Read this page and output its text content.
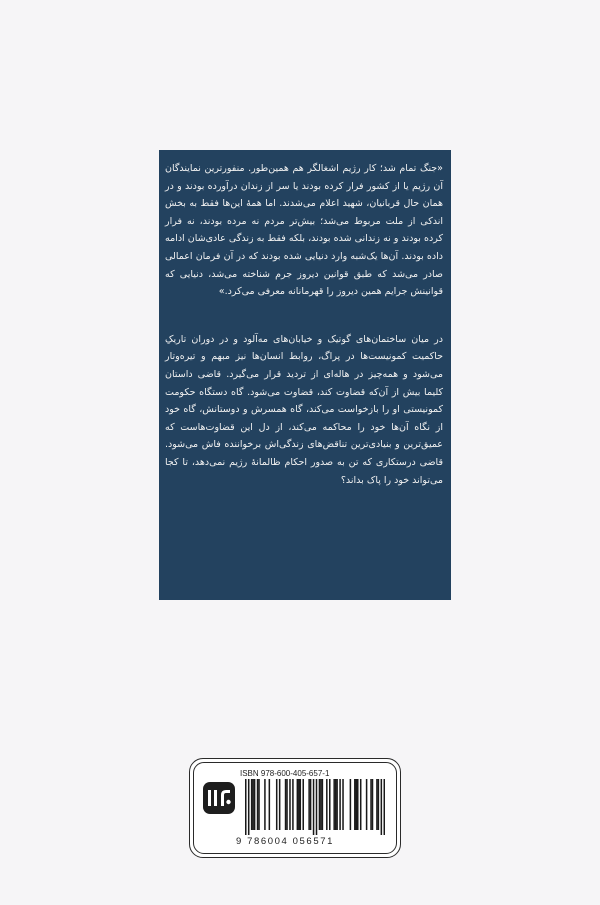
«جنگ تمام شد؛ کار رژیم اشغالگر هم همین‌طور. منفورترین نمایندگان آن رژیم یا از کشور فرار کرده بودند یا سر از زندان درآورده بودند و در همان حال قربانیان، شهید اعلام می‌شدند. اما همهٔ این‌ها فقط به بخش اندکی از ملت مربوط می‌شد؛ بیش‌تر مردم نه مرده بودند، نه فرار کرده بودند و نه زندانی شده بودند، بلکه فقط به زندگی عادی‌شان ادامه داده بودند. آن‌ها یک‌شبه وارد دنیایی شده بودند که در آن فرمان اعمالی صادر می‌شد که طبق قوانین دیروز جرم شناخته می‌شد، دنیایی که قوانینش جرایم همین دیروز را قهرمانانه معرفی می‌کرد.»

در میان ساختمان‌های گوتیک و خیابان‌های مه‌آلود و در دوران تاریکِ حاکمیت کمونیست‌ها در پراگ، روابط انسان‌ها نیز مبهم و تیره‌وتار می‌شود و همه‌چیز در هاله‌ای از تردید قرار می‌گیرد. قاضی داستان کلیما بیش از آن‌که قضاوت کند، قضاوت می‌شود. گاه دستگاه حکومت کمونیستی او را بازخواست می‌کند، گاه همسرش و دوستانش، گاه خود از نگاه آن‌ها خود را محاکمه می‌کند، از دل این قضاوت‌هاست که عمیق‌ترین و بنیادی‌ترین تناقض‌های زندگی‌اش برخواننده فاش می‌شود. قاضی درستکاری که تن به صدور احکام ظالمانهٔ رژیم نمی‌دهد، تا کجا می‌تواند خود را پاک بداند؟

ISBN 978-600-405-657-1
9 786004 056571
